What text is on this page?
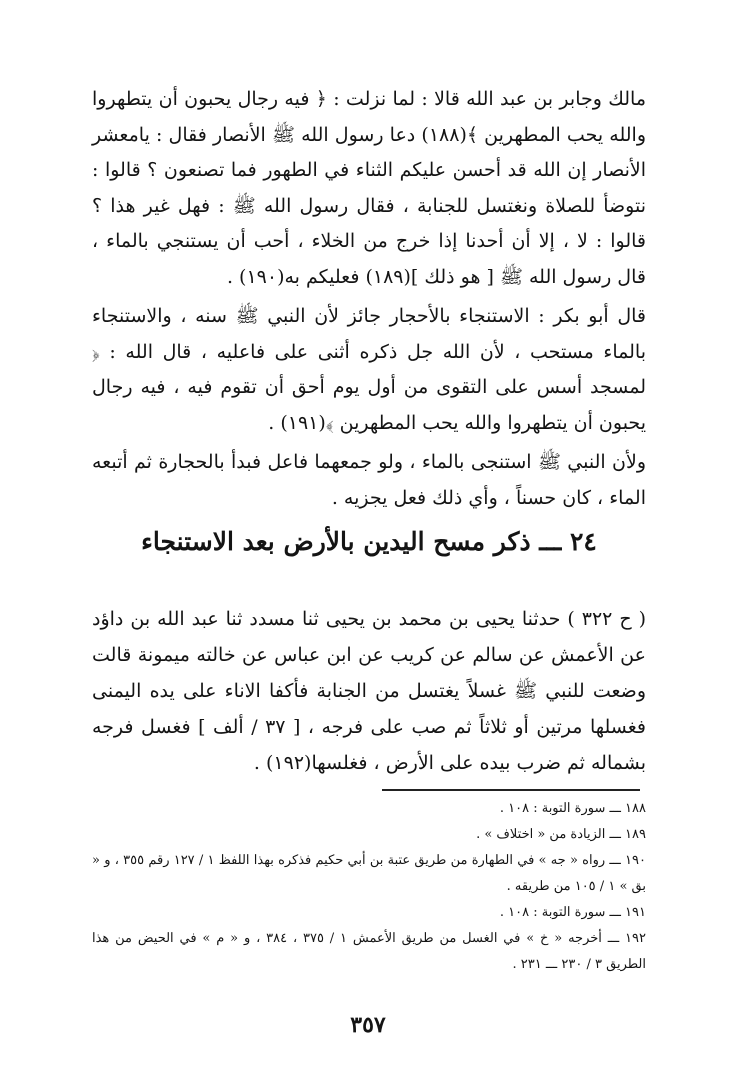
مالك وجابر بن عبد الله قالا : لما نزلت : ﴿ فيه رجال يحبون أن يتطهروا والله يحب المطهرين ﴾(١٨٨) دعا رسول الله ﷺ الأنصار فقال : يامعشر الأنصار إن الله قد أحسن عليكم الثناء في الطهور فما تصنعون ؟ قالوا : نتوضأ للصلاة ونغتسل للجنابة ، فقال رسول الله ﷺ : فهل غير هذا ؟ قالوا : لا ، إلا أن أحدنا إذا خرج من الخلاء ، أحب أن يستنجي بالماء ، قال رسول الله ﷺ [ هو ذلك ](١٨٩) فعليكم به(١٩٠) .

قال أبو بكر : الاستنجاء بالأحجار جائز لأن النبي ﷺ سنه ، والاستنجاء بالماء مستحب ، لأن الله جل ذكره أثنى على فاعليه ، قال الله : ﴿ لمسجد أسس على التقوى من أول يوم أحق أن تقوم فيه ، فيه رجال يحبون أن يتطهروا والله يحب المطهرين ﴾(١٩١) .

ولأن النبي ﷺ استنجى بالماء ، ولو جمعهما فاعل فبدأ بالحجارة ثم أتبعه الماء ، كان حسناً ، وأي ذلك فعل يجزيه .

٢٤ ـــ ذكر مسح اليدين بالأرض بعد الاستنجاء

( ح ٣٢٢ ) حدثنا يحيى بن محمد بن يحيى ثنا مسدد ثنا عبد الله بن داؤد عن الأعمش عن سالم عن كريب عن ابن عباس عن خالته ميمونة قالت وضعت للنبي ﷺ غسلاً يغتسل من الجنابة فأكفا الاناء على يده اليمنى فغسلها مرتين أو ثلاثاً ثم صب على فرجه ، [ ٣٧ / ألف ] فغسل فرجه بشماله ثم ضرب بيده على الأرض ، فغلسها(١٩٢) .

١٨٨ ـــ سورة التوبة : ١٠٨ .

١٨٩ ـــ الزيادة من « اختلاف » .

١٩٠ ـــ رواه « جه » في الطهارة من طريق عتبة بن أبي حكيم فذكره بهذا اللفظ ١ / ١٢٧ رقم ٣٥٥ ، و « بق » ١ / ١٠٥ من طريقه .

١٩١ ـــ سورة التوبة : ١٠٨ .

١٩٢ ـــ أخرجه « خ » في الغسل من طريق الأعمش ١ / ٣٧٥ ، ٣٨٤ ، و « م » في الحيض من هذا الطريق ٣ / ٢٣٠ ـــ ٢٣١ .

٣٥٧
